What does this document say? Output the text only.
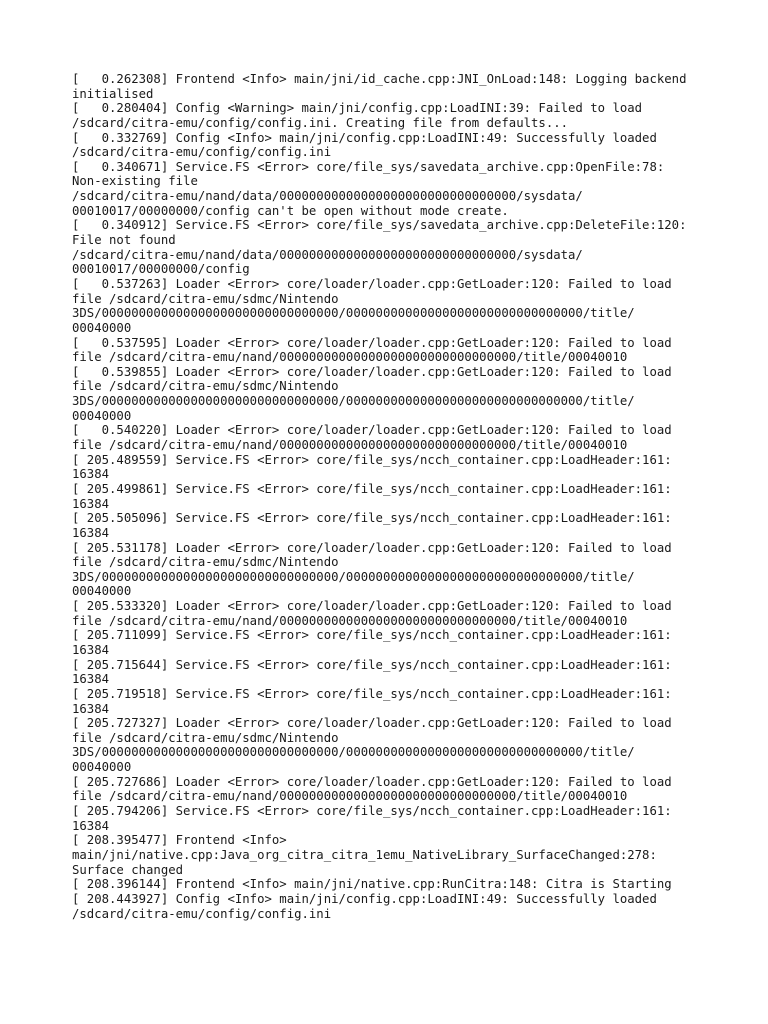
[   0.262308] Frontend <Info> main/jni/id_cache.cpp:JNI_OnLoad:148: Logging backend
initialised
[   0.280404] Config <Warning> main/jni/config.cpp:LoadINI:39: Failed to load
/sdcard/citra-emu/config/config.ini. Creating file from defaults...
[   0.332769] Config <Info> main/jni/config.cpp:LoadINI:49: Successfully loaded
/sdcard/citra-emu/config/config.ini
[   0.340671] Service.FS <Error> core/file_sys/savedata_archive.cpp:OpenFile:78:
Non-existing file
/sdcard/citra-emu/nand/data/00000000000000000000000000000000/sysdata/
00010017/00000000/config can't be open without mode create.
[   0.340912] Service.FS <Error> core/file_sys/savedata_archive.cpp:DeleteFile:120:
File not found
/sdcard/citra-emu/nand/data/00000000000000000000000000000000/sysdata/
00010017/00000000/config
[   0.537263] Loader <Error> core/loader/loader.cpp:GetLoader:120: Failed to load
file /sdcard/citra-emu/sdmc/Nintendo
3DS/00000000000000000000000000000000/00000000000000000000000000000000/title/
00040000
[   0.537595] Loader <Error> core/loader/loader.cpp:GetLoader:120: Failed to load
file /sdcard/citra-emu/nand/00000000000000000000000000000000/title/00040010
[   0.539855] Loader <Error> core/loader/loader.cpp:GetLoader:120: Failed to load
file /sdcard/citra-emu/sdmc/Nintendo
3DS/00000000000000000000000000000000/00000000000000000000000000000000/title/
00040000
[   0.540220] Loader <Error> core/loader/loader.cpp:GetLoader:120: Failed to load
file /sdcard/citra-emu/nand/00000000000000000000000000000000/title/00040010
[ 205.489559] Service.FS <Error> core/file_sys/ncch_container.cpp:LoadHeader:161:
16384
[ 205.499861] Service.FS <Error> core/file_sys/ncch_container.cpp:LoadHeader:161:
16384
[ 205.505096] Service.FS <Error> core/file_sys/ncch_container.cpp:LoadHeader:161:
16384
[ 205.531178] Loader <Error> core/loader/loader.cpp:GetLoader:120: Failed to load
file /sdcard/citra-emu/sdmc/Nintendo
3DS/00000000000000000000000000000000/00000000000000000000000000000000/title/
00040000
[ 205.533320] Loader <Error> core/loader/loader.cpp:GetLoader:120: Failed to load
file /sdcard/citra-emu/nand/00000000000000000000000000000000/title/00040010
[ 205.711099] Service.FS <Error> core/file_sys/ncch_container.cpp:LoadHeader:161:
16384
[ 205.715644] Service.FS <Error> core/file_sys/ncch_container.cpp:LoadHeader:161:
16384
[ 205.719518] Service.FS <Error> core/file_sys/ncch_container.cpp:LoadHeader:161:
16384
[ 205.727327] Loader <Error> core/loader/loader.cpp:GetLoader:120: Failed to load
file /sdcard/citra-emu/sdmc/Nintendo
3DS/00000000000000000000000000000000/00000000000000000000000000000000/title/
00040000
[ 205.727686] Loader <Error> core/loader/loader.cpp:GetLoader:120: Failed to load
file /sdcard/citra-emu/nand/00000000000000000000000000000000/title/00040010
[ 205.794206] Service.FS <Error> core/file_sys/ncch_container.cpp:LoadHeader:161:
16384
[ 208.395477] Frontend <Info>
main/jni/native.cpp:Java_org_citra_citra_1emu_NativeLibrary_SurfaceChanged:278:
Surface changed
[ 208.396144] Frontend <Info> main/jni/native.cpp:RunCitra:148: Citra is Starting
[ 208.443927] Config <Info> main/jni/config.cpp:LoadINI:49: Successfully loaded
/sdcard/citra-emu/config/config.ini
